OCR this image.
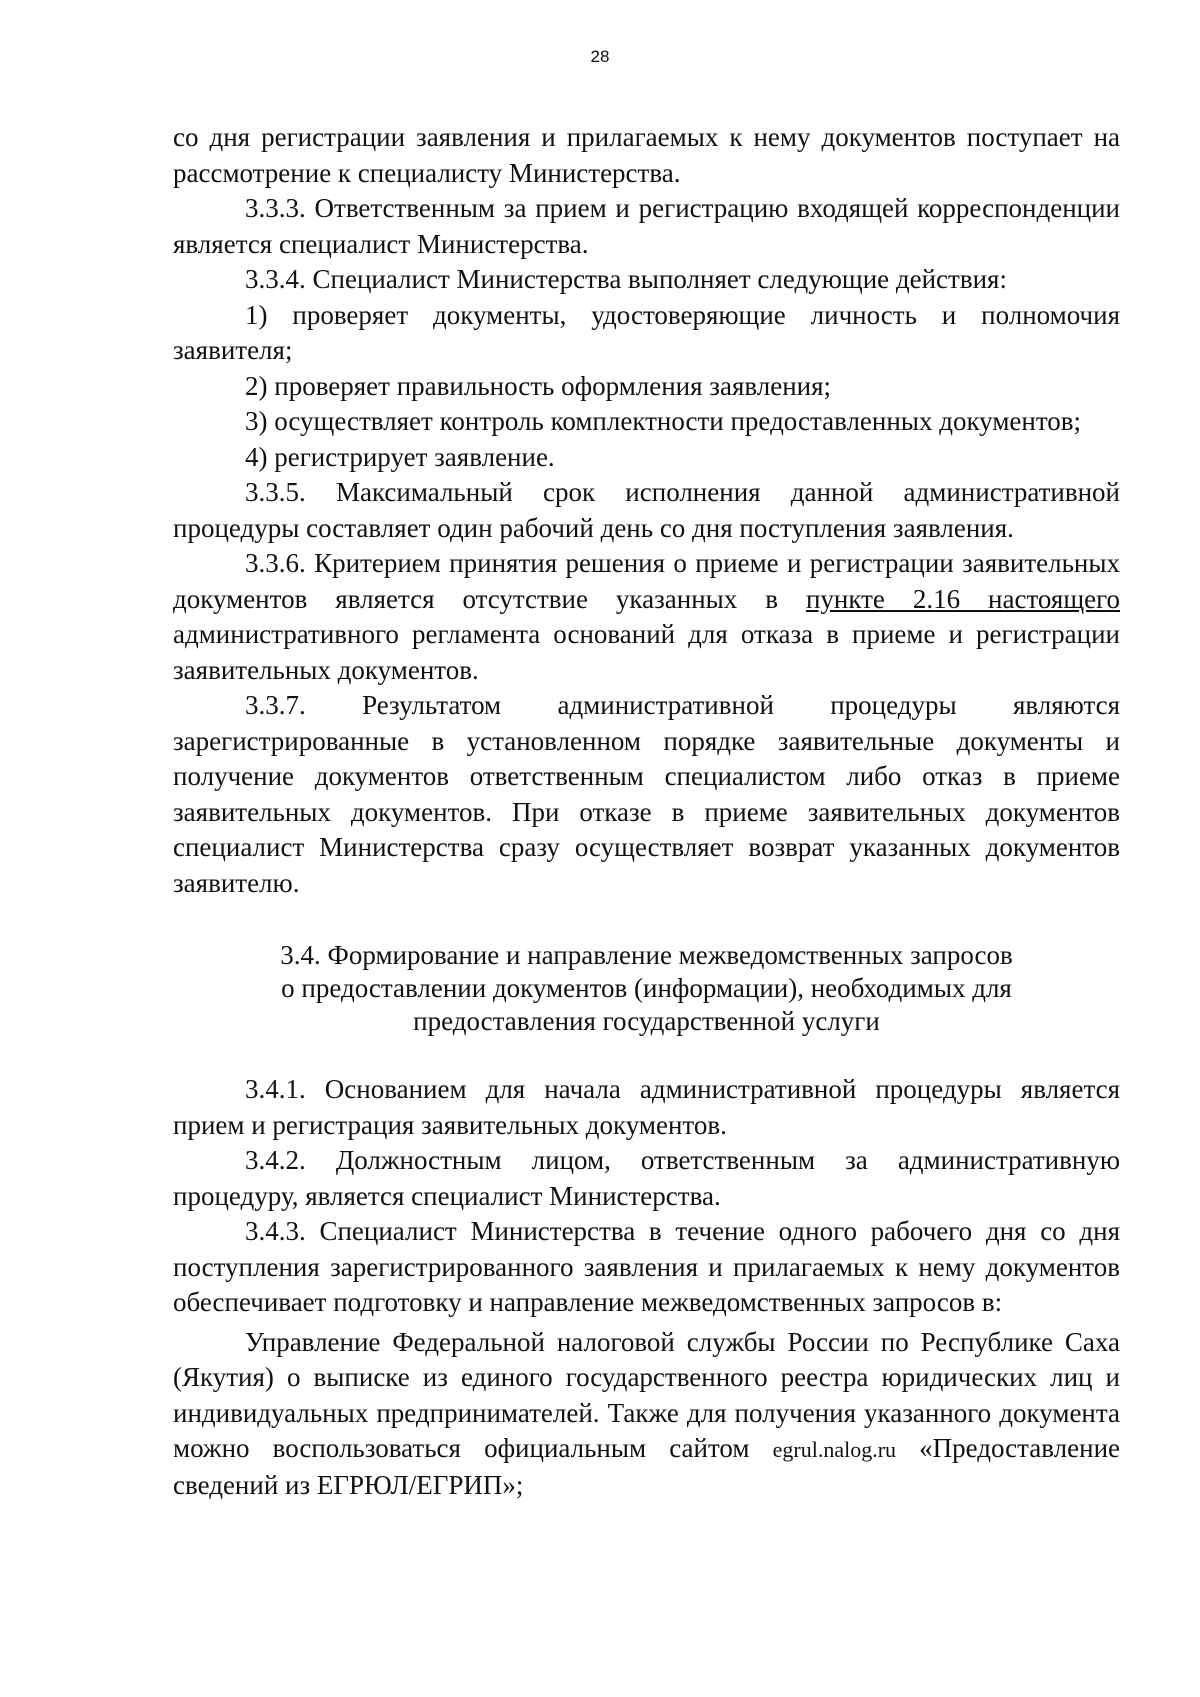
28

со дня регистрации заявления и прилагаемых к нему документов поступает на рассмотрение к специалисту Министерства.

3.3.3. Ответственным за прием и регистрацию входящей корреспонденции является специалист Министерства.

3.3.4. Специалист Министерства выполняет следующие действия:

1) проверяет документы, удостоверяющие личность и полномочия заявителя;

2) проверяет правильность оформления заявления;

3) осуществляет контроль комплектности предоставленных документов;

4) регистрирует заявление.

3.3.5. Максимальный срок исполнения данной административной процедуры составляет один рабочий день со дня поступления заявления.

3.3.6. Критерием принятия решения о приеме и регистрации заявительных документов является отсутствие указанных в пункте 2.16 настоящего административного регламента оснований для отказа в приеме и регистрации заявительных документов.

3.3.7. Результатом административной процедуры являются зарегистрированные в установленном порядке заявительные документы и получение документов ответственным специалистом либо отказ в приеме заявительных документов. При отказе в приеме заявительных документов специалист Министерства сразу осуществляет возврат указанных документов заявителю.

3.4. Формирование и направление межведомственных запросов
о предоставлении документов (информации), необходимых для
предоставления государственной услуги

3.4.1. Основанием для начала административной процедуры является прием и регистрация заявительных документов.

3.4.2. Должностным лицом, ответственным за административную процедуру, является специалист Министерства.

3.4.3. Специалист Министерства в течение одного рабочего дня со дня поступления зарегистрированного заявления и прилагаемых к нему документов обеспечивает подготовку и направление межведомственных запросов в:

Управление Федеральной налоговой службы России по Республике Саха (Якутия) о выписке из единого государственного реестра юридических лиц и индивидуальных предпринимателей. Также для получения указанного документа можно воспользоваться официальным сайтом egrul.nalog.ru «Предоставление сведений из ЕГРЮЛ/ЕГРИП»;
